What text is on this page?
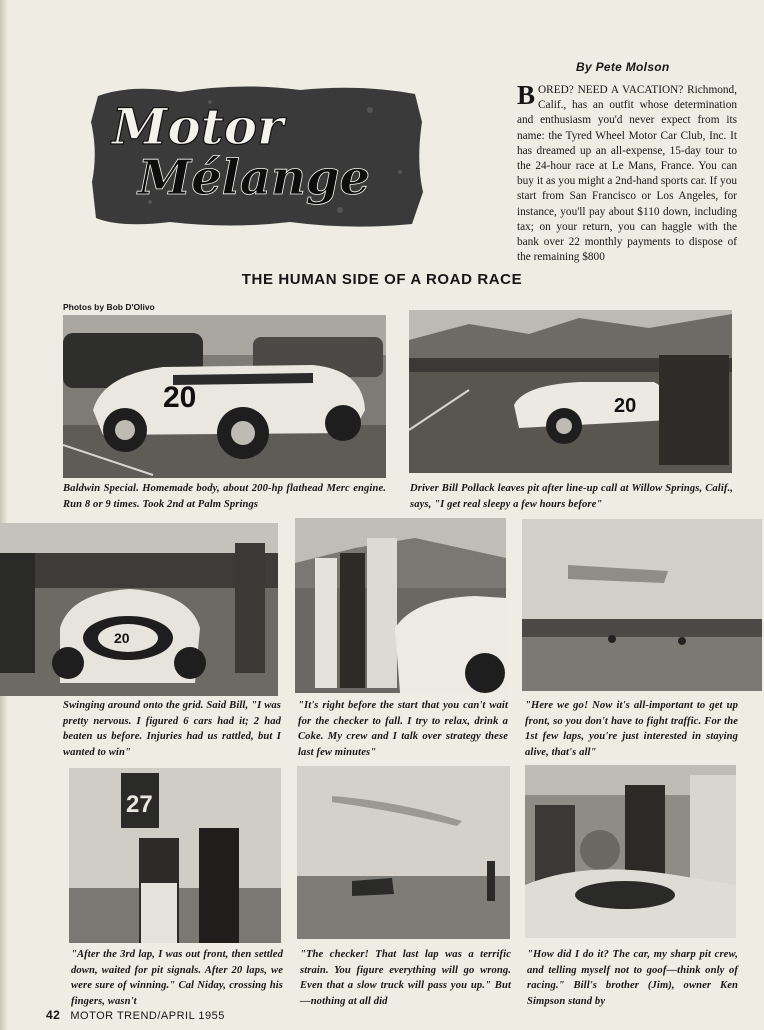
By Pete Molson
Motor
Mélange
BORED? NEED A VACATION? Richmond, Calif., has an outfit whose determination and enthusiasm you'd never expect from its name: the Tyred Wheel Motor Car Club, Inc. It has dreamed up an all-expense, 15-day tour to the 24-hour race at Le Mans, France. You can buy it as you might a 2nd-hand sports car. If you start from San Francisco or Los Angeles, for instance, you'll pay about $110 down, including tax; on your return, you can haggle with the bank over 22 monthly payments to dispose of the remaining $800
THE HUMAN SIDE OF A ROAD RACE
Photos by Bob D'Olivo
20	20
Baldwin Special. Homemade body, about 200-hp flathead Merc engine. Run 8 or 9 times. Took 2nd at Palm Springs
Driver Bill Pollack leaves pit after line-up call at Willow Springs, Calif., says, "I get real sleepy a few hours before"
20
Swinging around onto the grid. Said Bill, "I was pretty nervous. I figured 6 cars had it; 2 had beaten us before. Injuries had us rattled, but I wanted to win"
"It's right before the start that you can't wait for the checker to fall. I try to relax, drink a Coke. My crew and I talk over strategy these last few minutes"
"Here we go! Now it's all-important to get up front, so you don't have to fight traffic. For the 1st few laps, you're just interested in staying alive, that's all"
27
"After the 3rd lap, I was out front, then settled down, waited for pit signals. After 20 laps, we were sure of winning." Cal Niday, crossing his fingers, wasn't
"The checker! That last lap was a terrific strain. You figure everything will go wrong. Even that a slow truck will pass you up." But—nothing at all did
"How did I do it? The car, my sharp pit crew, and telling myself not to goof—think only of racing." Bill's brother (Jim), owner Ken Simpson stand by
42 MOTOR TREND/APRIL 1955
